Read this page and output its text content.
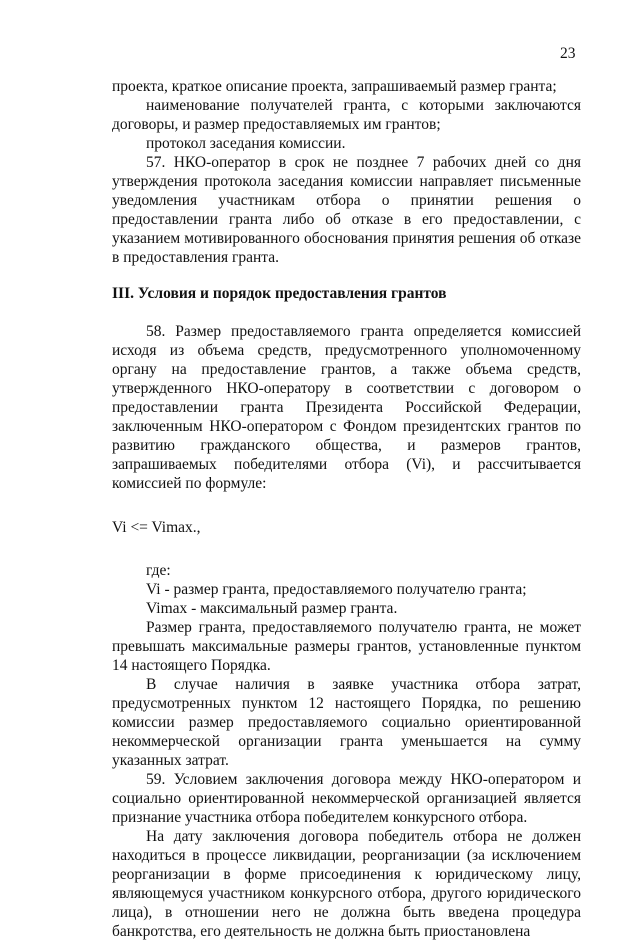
23

проекта, краткое описание проекта, запрашиваемый размер гранта;

наименование получателей гранта, с которыми заключаются договоры, и размер предоставляемых им грантов;

протокол заседания комиссии.

57. НКО-оператор в срок не позднее 7 рабочих дней со дня утверждения протокола заседания комиссии направляет письменные уведомления участникам отбора о принятии решения о предоставлении гранта либо об отказе в его предоставлении, с указанием мотивированного обоснования принятия решения об отказе в предоставления гранта.

III. Условия и порядок предоставления грантов

58. Размер предоставляемого гранта определяется комиссией исходя из объема средств, предусмотренного уполномоченному органу на предоставление грантов, а также объема средств, утвержденного НКО-оператору в соответствии с договором о предоставлении гранта Президента Российской Федерации, заключенным НКО-оператором с Фондом президентских грантов по развитию гражданского общества, и размеров грантов, запрашиваемых победителями отбора (Vi), и рассчитывается комиссией по формуле:

Vi <= Vimax.,

где:

Vi - размер гранта, предоставляемого получателю гранта;

Vimax - максимальный размер гранта.

Размер гранта, предоставляемого получателю гранта, не может превышать максимальные размеры грантов, установленные пунктом 14 настоящего Порядка.

В случае наличия в заявке участника отбора затрат, предусмотренных пунктом 12 настоящего Порядка, по решению комиссии размер предоставляемого социально ориентированной некоммерческой организации гранта уменьшается на сумму указанных затрат.

59. Условием заключения договора между НКО-оператором и социально ориентированной некоммерческой организацией является признание участника отбора победителем конкурсного отбора.

На дату заключения договора победитель отбора не должен находиться в процессе ликвидации, реорганизации (за исключением реорганизации в форме присоединения к юридическому лицу, являющемуся участником конкурсного отбора, другого юридического лица), в отношении него не должна быть введена процедура банкротства, его деятельность не должна быть приостановлена
